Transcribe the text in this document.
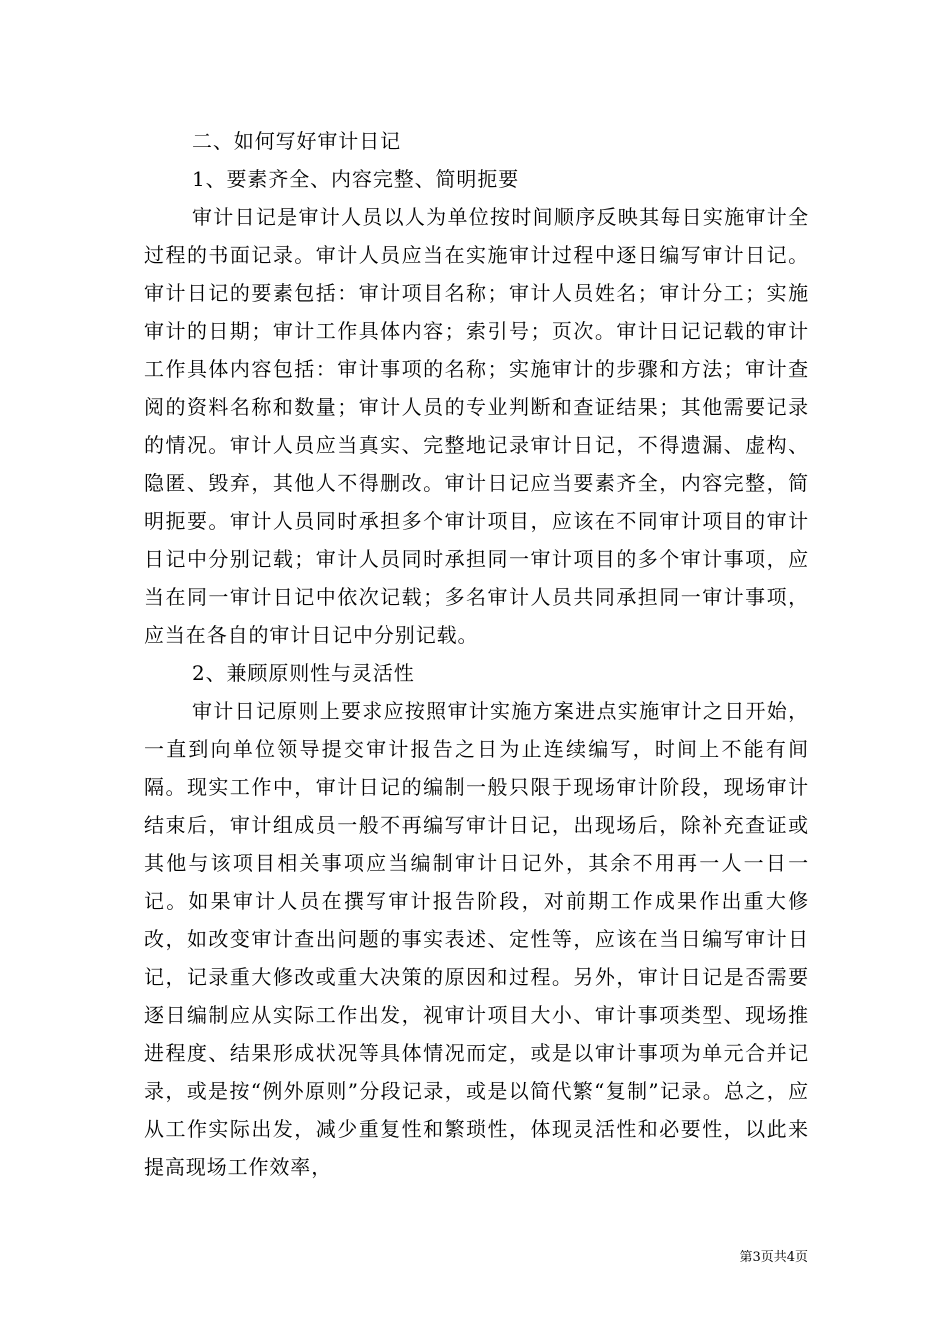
二、如何写好审计日记

1、要素齐全、内容完整、简明扼要

审计日记是审计人员以人为单位按时间顺序反映其每日实施审计全过程的书面记录。审计人员应当在实施审计过程中逐日编写审计日记。审计日记的要素包括：审计项目名称；审计人员姓名；审计分工；实施审计的日期；审计工作具体内容；索引号；页次。审计日记记载的审计工作具体内容包括：审计事项的名称；实施审计的步骤和方法；审计查阅的资料名称和数量；审计人员的专业判断和查证结果；其他需要记录的情况。审计人员应当真实、完整地记录审计日记，不得遗漏、虚构、隐匿、毁弃，其他人不得删改。审计日记应当要素齐全，内容完整，简明扼要。审计人员同时承担多个审计项目，应该在不同审计项目的审计日记中分别记载；审计人员同时承担同一审计项目的多个审计事项，应当在同一审计日记中依次记载；多名审计人员共同承担同一审计事项，应当在各自的审计日记中分别记载。

2、兼顾原则性与灵活性

审计日记原则上要求应按照审计实施方案进点实施审计之日开始，一直到向单位领导提交审计报告之日为止连续编写，时间上不能有间隔。现实工作中，审计日记的编制一般只限于现场审计阶段，现场审计结束后，审计组成员一般不再编写审计日记，出现场后，除补充查证或其他与该项目相关事项应当编制审计日记外，其余不用再一人一日一记。如果审计人员在撰写审计报告阶段，对前期工作成果作出重大修改，如改变审计查出问题的事实表述、定性等，应该在当日编写审计日记，记录重大修改或重大决策的原因和过程。另外，审计日记是否需要逐日编制应从实际工作出发，视审计项目大小、审计事项类型、现场推进程度、结果形成状况等具体情况而定，或是以审计事项为单元合并记录，或是按“例外原则”分段记录，或是以简代繁“复制”记录。总之，应从工作实际出发，减少重复性和繁琐性，体现灵活性和必要性，以此来提高现场工作效率，

第3页共4页
